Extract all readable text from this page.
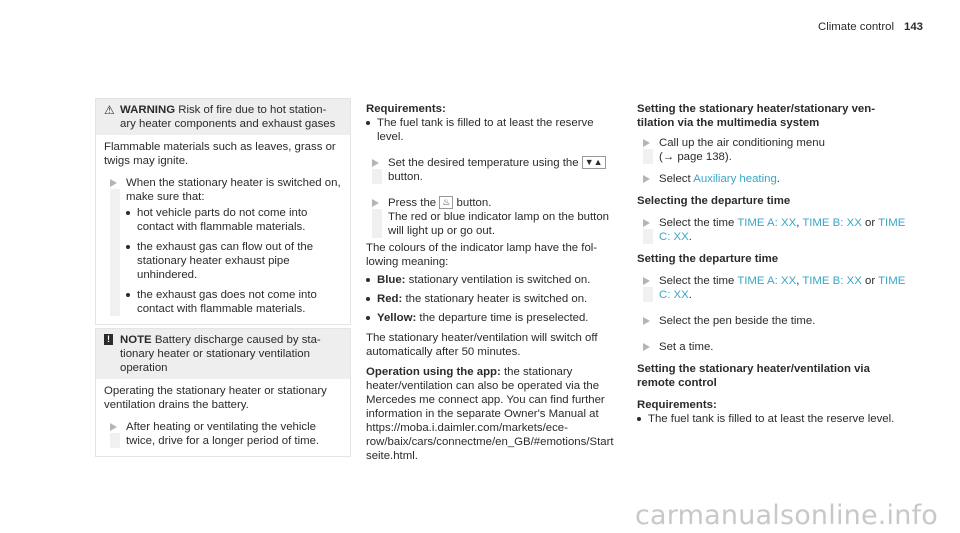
Climate control 143
⚠ WARNING Risk of fire due to hot station-ary heater components and exhaust gases

Flammable materials such as leaves, grass or twigs may ignite.

When the stationary heater is switched on, make sure that:

hot vehicle parts do not come into contact with flammable materials.
the exhaust gas can flow out of the stationary heater exhaust pipe unhindered.
the exhaust gas does not come into contact with flammable materials.
! NOTE Battery discharge caused by sta-tionary heater or stationary ventilation operation

Operating the stationary heater or stationary ventilation drains the battery.

After heating or ventilating the vehicle twice, drive for a longer period of time.

Requirements:

The fuel tank is filled to at least the reserve level.
Set the desired temperature using the ▼▲ button.
Press the ♨ button.

The red or blue indicator lamp on the button will light up or go out.

The colours of the indicator lamp have the fol-lowing meaning:

Blue: stationary ventilation is switched on.
Red: the stationary heater is switched on.
Yellow: the departure time is preselected.

The stationary heater/ventilation will switch off automatically after 50 minutes.

Operation using the app: the stationary heater/ventilation can also be operated via the Mercedes me connect app. You can find further information in the separate Owner's Manual at https://moba.i.daimler.com/markets/ece-row/baix/cars/connectme/en_GB/#emotions/Startseite.html.

Setting the stationary heater/stationary ven-tilation via the multimedia system

Call up the air conditioning menu

(→ page 138).

Select Auxiliary heating.

Selecting the departure time

Select the time TIME A: XX, TIME B: XX or TIME C: XX.

Setting the departure time

Select the time TIME A: XX, TIME B: XX or TIME C: XX.
Select the pen beside the time.
Set a time.

Setting the stationary heater/ventilation via remote control

Requirements:

The fuel tank is filled to at least the reserve level.
carmanualsonline.info
